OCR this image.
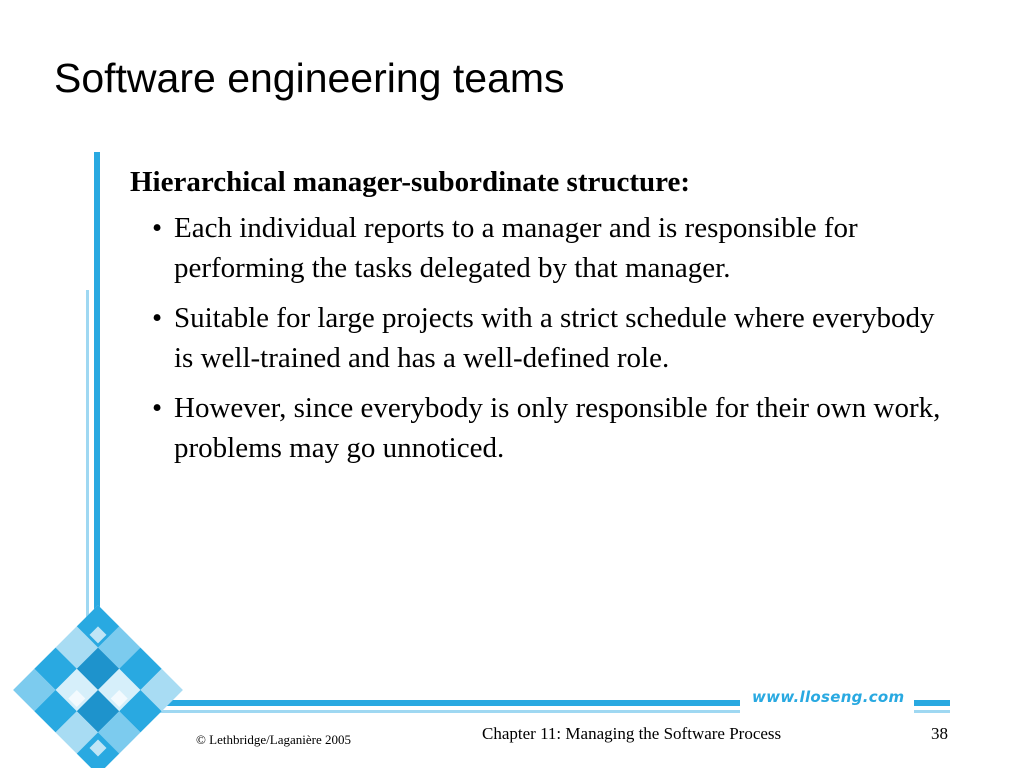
Software engineering teams
Hierarchical manager-subordinate structure:
• Each individual reports to a manager and is responsible for performing the tasks delegated by that manager.
• Suitable for large projects with a strict schedule where everybody is well-trained and has a well-defined role.
• However, since everybody is only responsible for their own work, problems may go unnoticed.
www.lloseng.com
© Lethbridge/Laganière 2005	Chapter 11: Managing the Software Process	38
